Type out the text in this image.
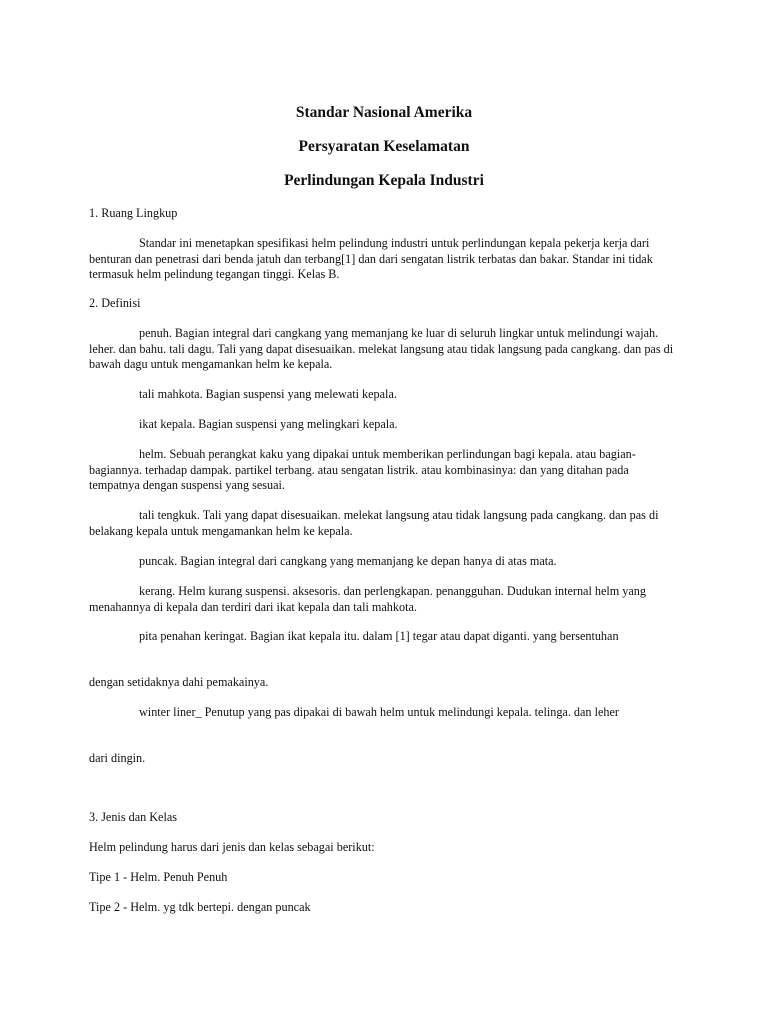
Standar Nasional Amerika
Persyaratan Keselamatan
Perlindungan Kepala Industri
1. Ruang Lingkup
Standar ini menetapkan spesifikasi helm pelindung industri untuk perlindungan kepala pekerja kerja dari benturan dan penetrasi dari benda jatuh dan terbang[1] dan dari sengatan listrik terbatas dan bakar. Standar ini tidak termasuk helm pelindung tegangan tinggi. Kelas B.
2. Definisi
penuh. Bagian integral dari cangkang yang memanjang ke luar di seluruh lingkar untuk melindungi wajah. leher. dan bahu. tali dagu. Tali yang dapat disesuaikan. melekat langsung atau tidak langsung pada cangkang. dan pas di bawah dagu untuk mengamankan helm ke kepala.
tali mahkota. Bagian suspensi yang melewati kepala.
ikat kepala. Bagian suspensi yang melingkari kepala.
helm. Sebuah perangkat kaku yang dipakai untuk memberikan perlindungan bagi kepala. atau bagian-bagiannya. terhadap dampak. partikel terbang. atau sengatan listrik. atau kombinasinya: dan yang ditahan pada tempatnya dengan suspensi yang sesuai.
tali tengkuk. Tali yang dapat disesuaikan. melekat langsung atau tidak langsung pada cangkang. dan pas di belakang kepala untuk mengamankan helm ke kepala.
puncak. Bagian integral dari cangkang yang memanjang ke depan hanya di atas mata.
kerang. Helm kurang suspensi. aksesoris. dan perlengkapan. penangguhan. Dudukan internal helm yang menahannya di kepala dan terdiri dari ikat kepala dan tali mahkota.
pita penahan keringat. Bagian ikat kepala itu. dalam [1] tegar atau dapat diganti. yang bersentuhan
dengan setidaknya dahi pemakainya.
winter liner_ Penutup yang pas dipakai di bawah helm untuk melindungi kepala. telinga. dan leher
dari dingin.
3. Jenis dan Kelas
Helm pelindung harus dari jenis dan kelas sebagai berikut:
Tipe 1 - Helm. Penuh Penuh
Tipe 2 - Helm. yg tdk bertepi. dengan puncak
